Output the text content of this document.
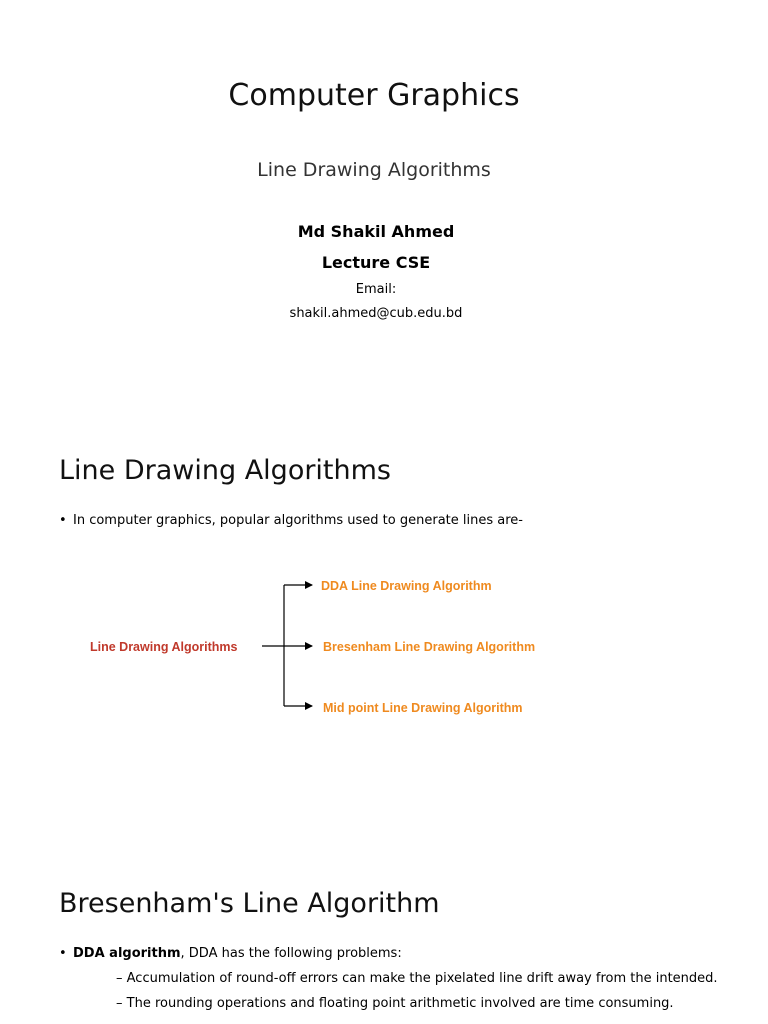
Computer Graphics

Line Drawing Algorithms

Md Shakil Ahmed

Lecture CSE

Email:

shakil.ahmed@cub.edu.bd

Line Drawing Algorithms

• In computer graphics, popular algorithms used to generate lines are-

Line Drawing Algorithms
DDA Line Drawing Algorithm
Bresenham Line Drawing Algorithm
Mid point Line Drawing Algorithm
Bresenham's Line Algorithm

• DDA algorithm, DDA has the following problems:

– Accumulation of round-off errors can make the pixelated line drift away from the intended.

– The rounding operations and floating point arithmetic involved are time consuming.
